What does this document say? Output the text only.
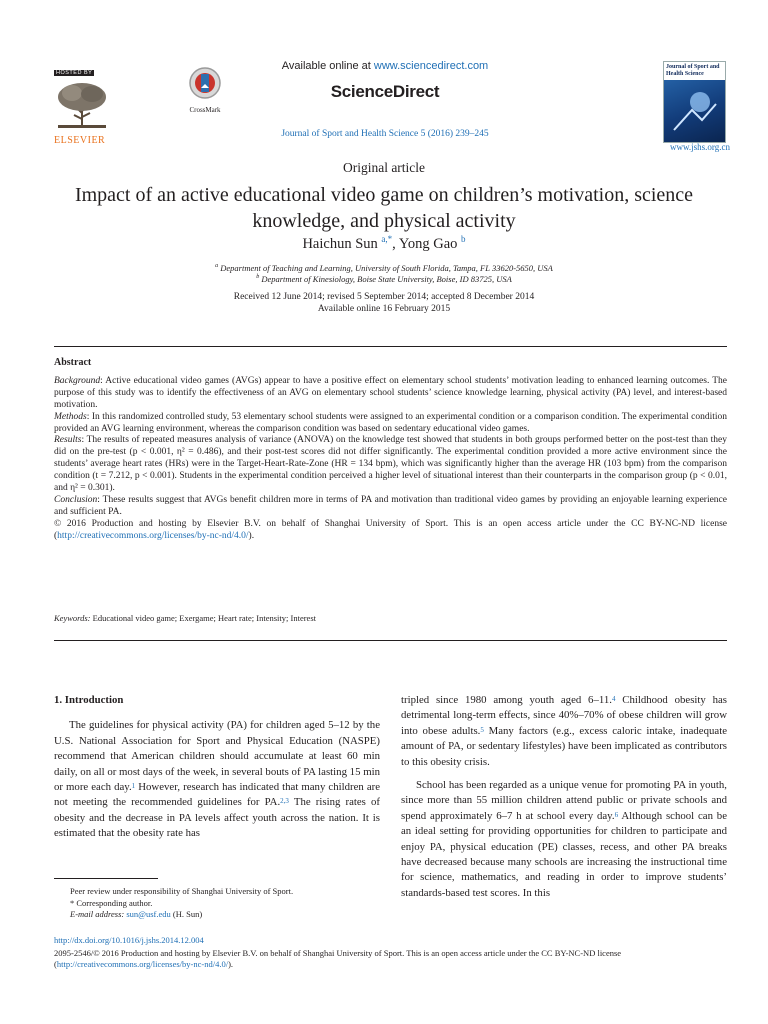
HOSTED BY
ELSEVIER
CrossMark
Available online at www.sciencedirect.com
ScienceDirect
Journal of Sport and Health Science 5 (2016) 239–245
Journal of Sport and Health Science
www.jshs.org.cn
Original article
Impact of an active educational video game on children’s motivation, science knowledge, and physical activity
Haichun Sun $^{a,*}$, Yong Gao $^b$
$^a$ Department of Teaching and Learning, University of South Florida, Tampa, FL 33620-5650, USA
$^b$ Department of Kinesiology, Boise State University, Boise, ID 83725, USA
Received 12 June 2014; revised 5 September 2014; accepted 8 December 2014
Available online 16 February 2015
Abstract

Background: Active educational video games (AVGs) appear to have a positive effect on elementary school students’ motivation leading to enhanced learning outcomes. The purpose of this study was to identify the effectiveness of an AVG on elementary school students’ science knowledge learning, physical activity (PA) level, and interest-based motivation.

Methods: In this randomized controlled study, 53 elementary school students were assigned to an experimental condition or a comparison condition. The experimental condition provided an AVG learning environment, whereas the comparison condition was based on sedentary educational video games.

Results: The results of repeated measures analysis of variance (ANOVA) on the knowledge test showed that students in both groups performed better on the post-test than they did on the pre-test (p < 0.001, η² = 0.486), and their post-test scores did not differ significantly. The experimental condition provided a more active environment since the students’ average heart rates (HRs) were in the Target-Heart-Rate-Zone (HR = 134 bpm), which was significantly higher than the average HR (103 bpm) from the comparison condition (t = 7.212, p < 0.001). Students in the experimental condition perceived a higher level of situational interest than their counterparts in the comparison group (p < 0.01, and η² = 0.301).

Conclusion: These results suggest that AVGs benefit children more in terms of PA and motivation than traditional video games by providing an enjoyable learning experience and sufficient PA.

© 2016 Production and hosting by Elsevier B.V. on behalf of Shanghai University of Sport. This is an open access article under the CC BY-NC-ND license (http://creativecommons.org/licenses/by-nc-nd/4.0/).

Keywords: Educational video game; Exergame; Heart rate; Intensity; Interest
1. Introduction

The guidelines for physical activity (PA) for children aged 5–12 by the U.S. National Association for Sport and Physical Education (NASPE) recommend that American children should accumulate at least 60 min daily, on all or most days of the week, in several bouts of PA lasting 15 min or more each day.$^1$ However, research has indicated that many children are not meeting the recommended guidelines for PA.$^{2,3}$ The rising rates of obesity and the decrease in PA levels affect youth across the nation. It is estimated that the obesity rate has

tripled since 1980 among youth aged 6–11.$^4$ Childhood obesity has detrimental long-term effects, since 40%–70% of obese children will grow into obese adults.$^5$ Many factors (e.g., excess caloric intake, inadequate amount of PA, or sedentary lifestyles) have been implicated as contributors to this obesity crisis.

School has been regarded as a unique venue for promoting PA in youth, since more than 55 million children attend public or private schools and spend approximately 6–7 h at school every day.$^6$ Although school can be an ideal setting for providing opportunities for children to participate and enjoy PA, physical education (PE) classes, recess, and other PA breaks have decreased because many schools are increasing the instructional time for science, mathematics, and reading in order to improve students’ standards-based test scores. In this

Peer review under responsibility of Shanghai University of Sport.
* Corresponding author.
E-mail address: sun@usf.edu (H. Sun)
http://dx.doi.org/10.1016/j.jshs.2014.12.004
2095-2546/© 2016 Production and hosting by Elsevier B.V. on behalf of Shanghai University of Sport. This is an open access article under the CC BY-NC-ND license (http://creativecommons.org/licenses/by-nc-nd/4.0/).
